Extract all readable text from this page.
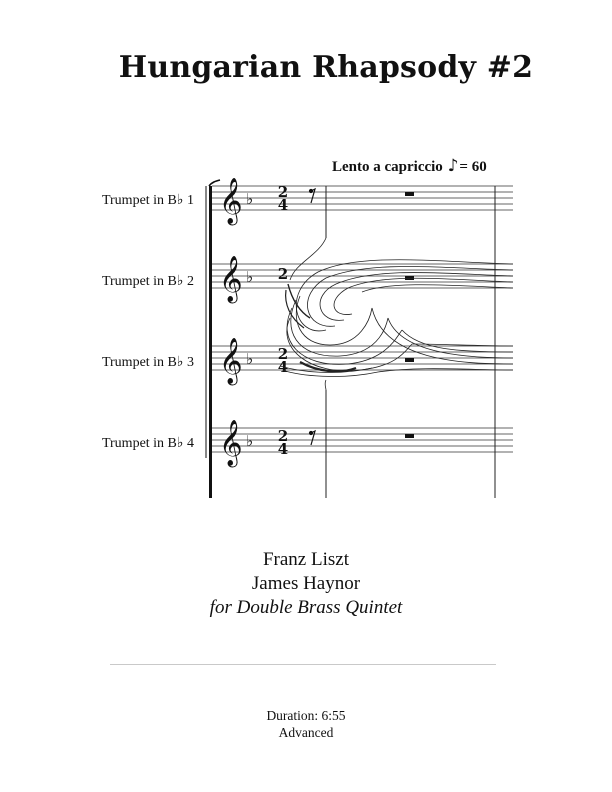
Hungarian Rhapsody #2
Lento a capriccio ♪= 60
Trumpet in B♭ 1
Trumpet in B♭ 2
Trumpet in B♭ 3
Trumpet in B♭ 4
𝄞
𝄞
𝄞
𝄞
♭
♭
♭
♭
2
4
2
4
2
4
2
Franz Liszt
James Haynor
for Double Brass Quintet
Duration: 6:55
Advanced
